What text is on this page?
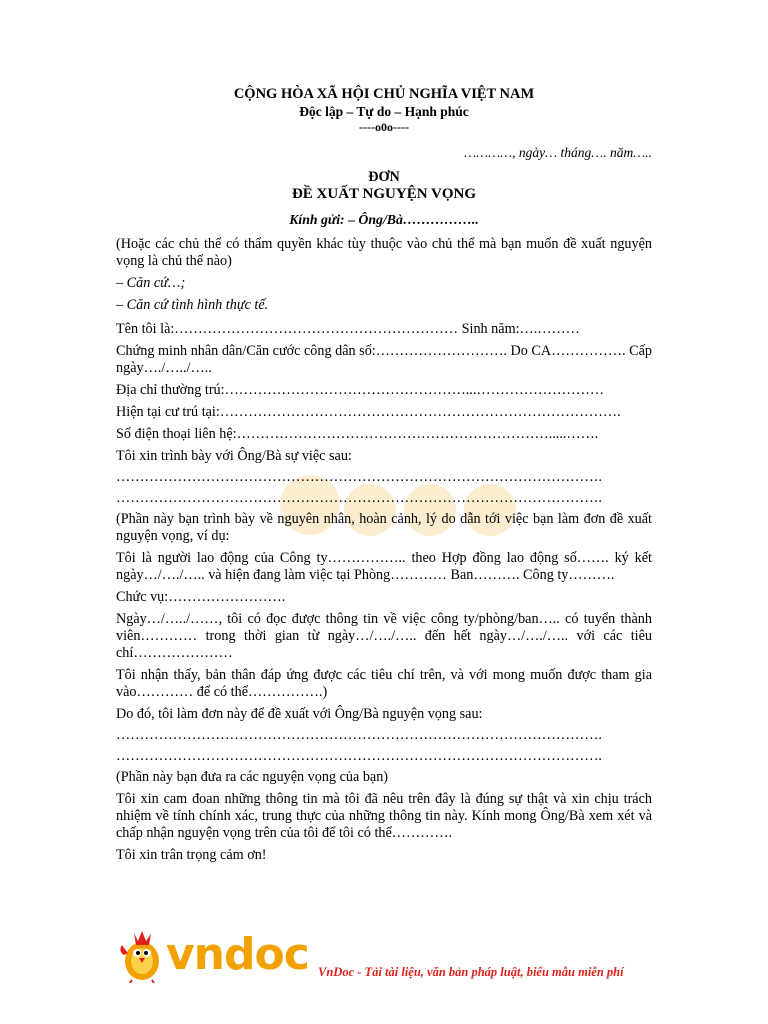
CỘNG HÒA XÃ HỘI CHỦ NGHĨA VIỆT NAM

Độc lập – Tự do – Hạnh phúc

----o0o----

…………, ngày… tháng…. năm…..

ĐƠN

ĐỀ XUẤT NGUYỆN VỌNG

Kính gửi: – Ông/Bà……………..

(Hoặc các chủ thể có thẩm quyền khác tùy thuộc vào chủ thể mà bạn muốn đề xuất nguyện vọng là chủ thể nào)

– Căn cứ…;

– Căn cứ tình hình thực tế.

Tên tôi là:…………………………………………………… Sinh năm:….………

Chứng minh nhân dân/Căn cước công dân số:………………………. Do CA……………. Cấp ngày…./…../…..

Địa chỉ thường trú:……………………………………………...………………………

Hiện tại cư trú tại:………………………………………………………………………….

Số điện thoại liên hệ:………………………………………………………….....…….

Tôi xin trình bày với Ông/Bà sự việc sau:

………………………………………………………………………………………….

………………………………………………………………………………………….

(Phần này bạn trình bày về nguyên nhân, hoàn cảnh, lý do dẫn tới việc bạn làm đơn đề xuất nguyện vọng, ví dụ:

Tôi là người lao động của Công ty…………….. theo Hợp đồng lao động số……. ký kết ngày…/…./….. và hiện đang làm việc tại Phòng………… Ban………. Công ty……….

Chức vụ:…………………….

Ngày…/…../……, tôi có đọc được thông tin về việc công ty/phòng/ban….. có tuyển thành viên………… trong thời gian từ ngày…/…./….. đến hết ngày…/…./….. với các tiêu chí…………………

Tôi nhận thấy, bản thân đáp ứng được các tiêu chí trên, và với mong muốn được tham gia vào………… để có thể…………….)

Do đó, tôi làm đơn này để đề xuất với Ông/Bà nguyện vọng sau:

………………………………………………………………………………………….

………………………………………………………………………………………….

(Phần này bạn đưa ra các nguyện vọng của bạn)

Tôi xin cam đoan những thông tin mà tôi đã nêu trên đây là đúng sự thật và xin chịu trách nhiệm về tính chính xác, trung thực của những thông tin này. Kính mong Ông/Bà xem xét và chấp nhận nguyện vọng trên của tôi để tôi có thể………….

Tôi xin trân trọng cảm ơn!

vndoc VnDoc - Tải tài liệu, văn bản pháp luật, biểu mẫu miễn phí
